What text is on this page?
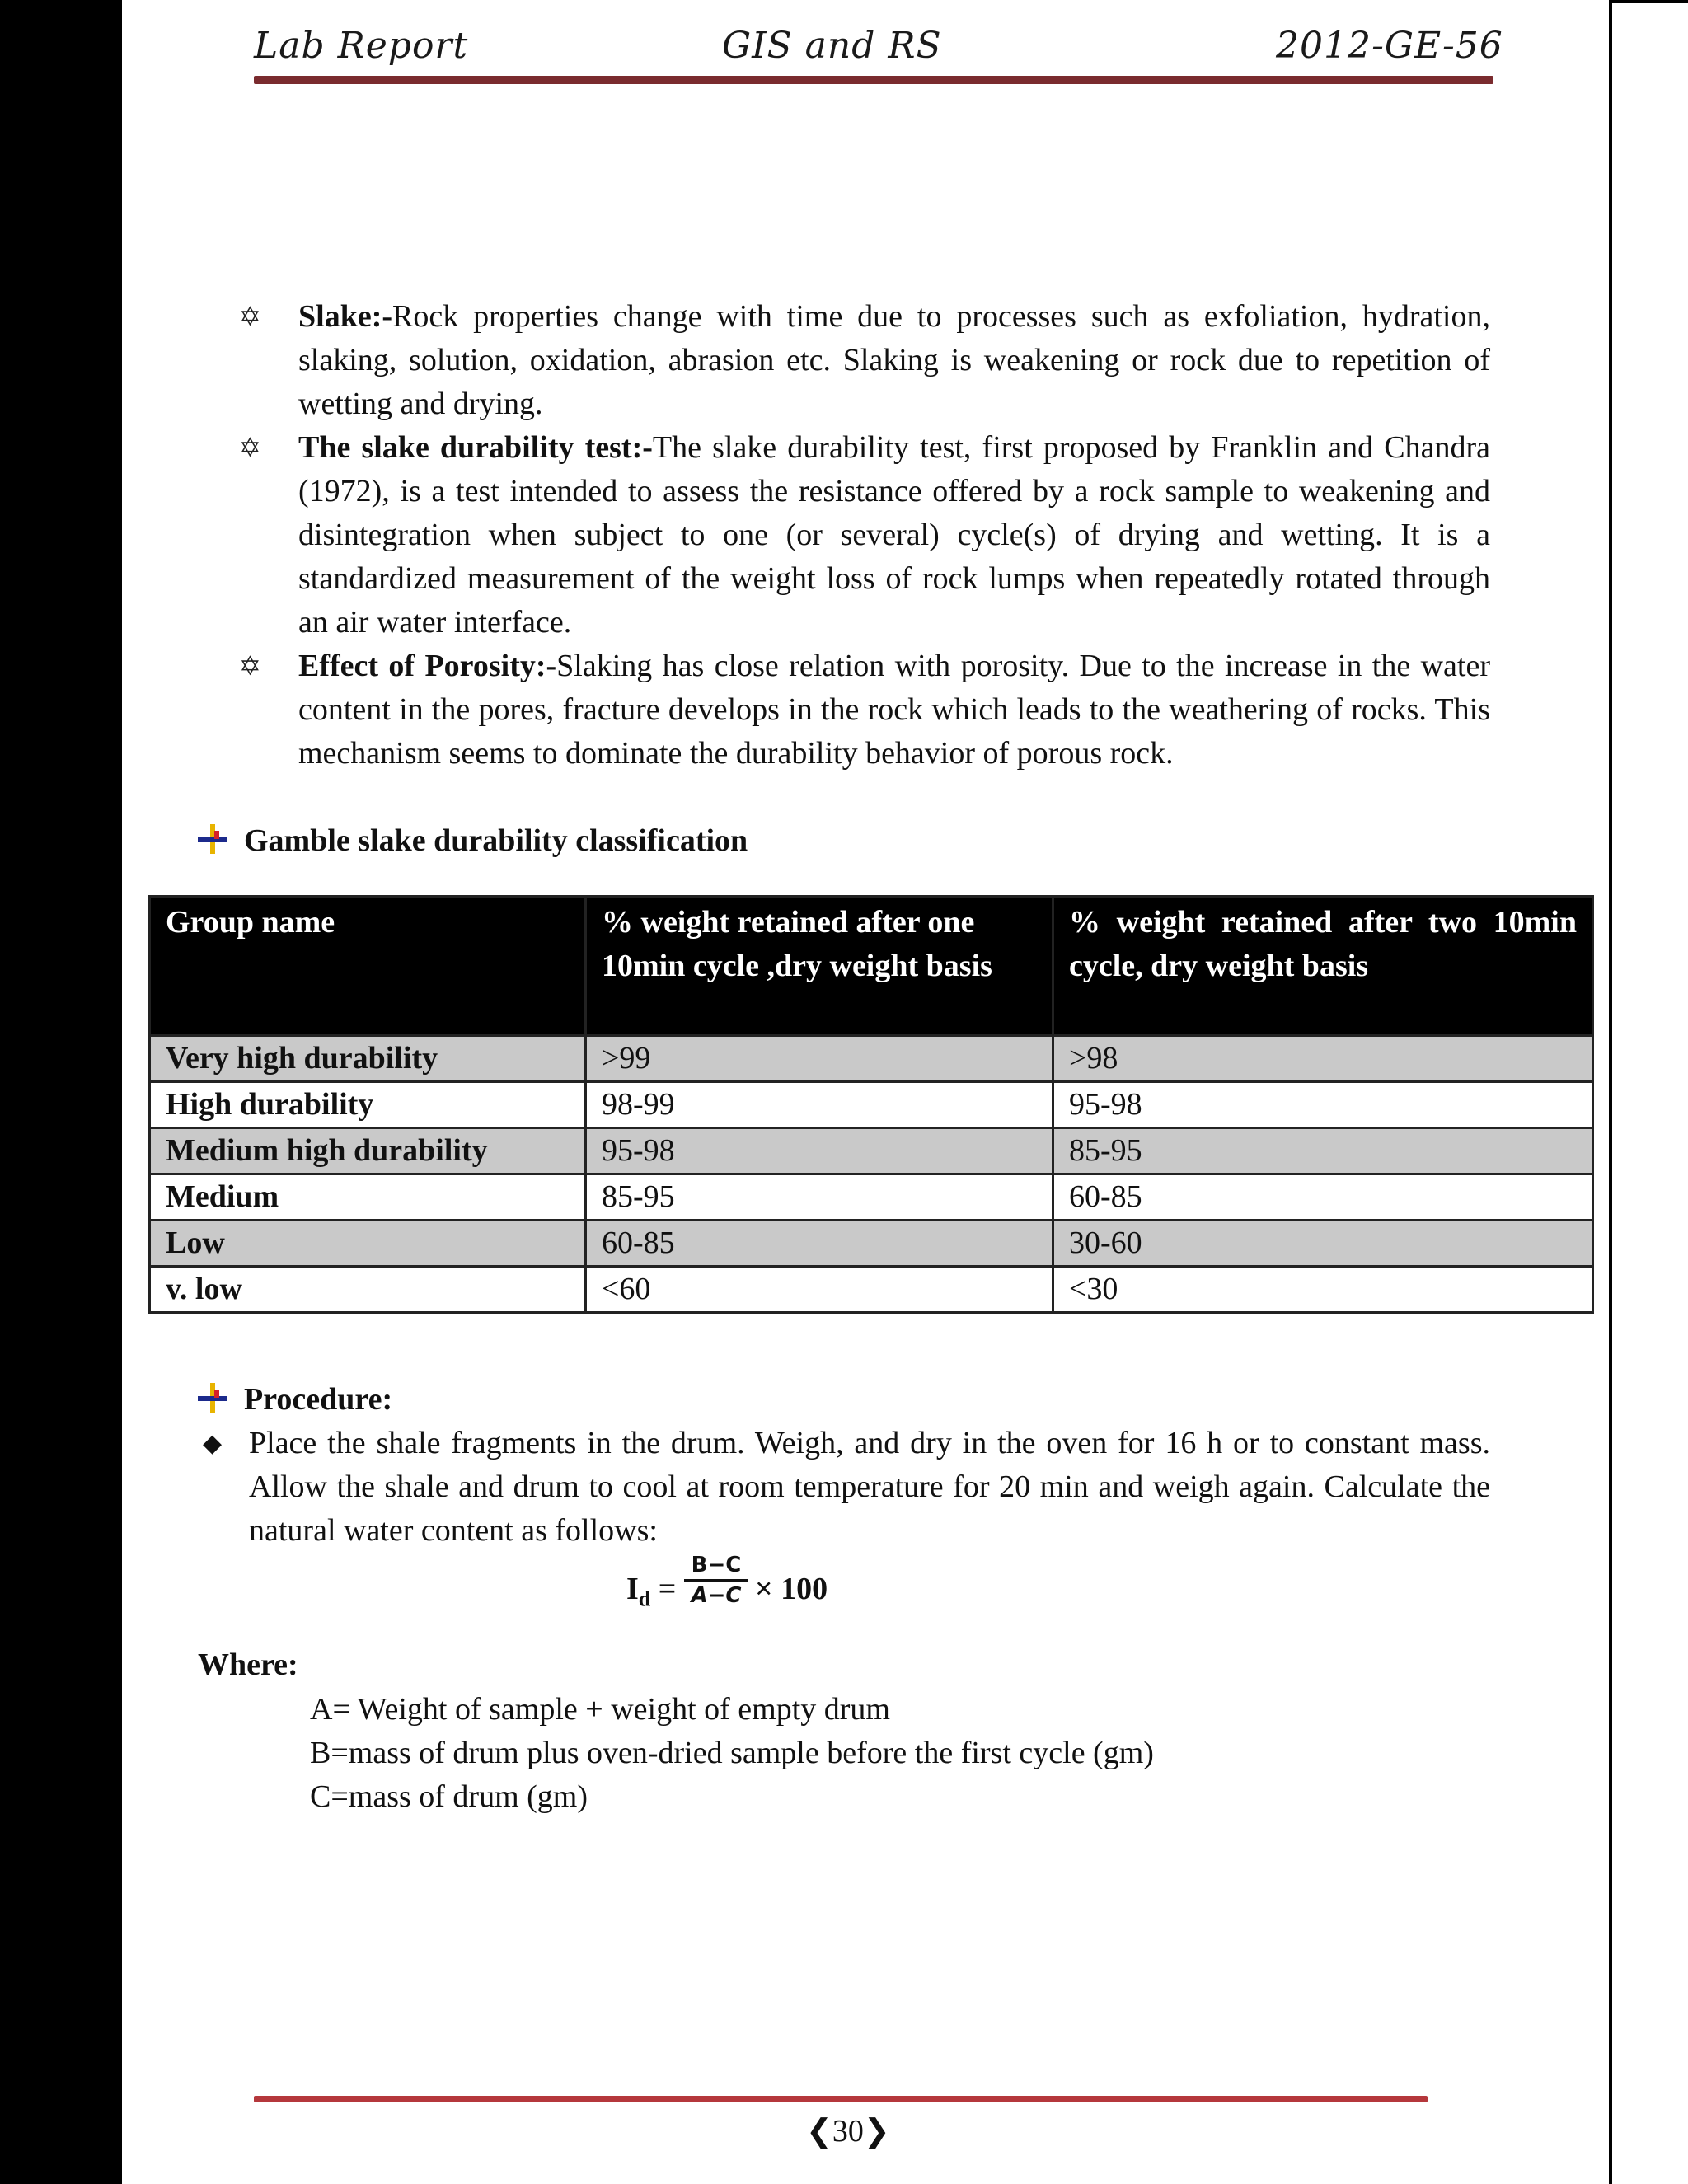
Lab Report	GIS and RS	2012-GE-56
✡ Slake:-Rock properties change with time due to processes such as exfoliation, hydration, slaking, solution, oxidation, abrasion etc. Slaking is weakening or rock due to repetition of wetting and drying.
✡ The slake durability test:-The slake durability test, first proposed by Franklin and Chandra (1972), is a test intended to assess the resistance offered by a rock sample to weakening and disintegration when subject to one (or several) cycle(s) of drying and wetting. It is a standardized measurement of the weight loss of rock lumps when repeatedly rotated through an air water interface.
✡ Effect of Porosity:-Slaking has close relation with porosity. Due to the increase in the water content in the pores, fracture develops in the rock which leads to the weathering of rocks. This mechanism seems to dominate the durability behavior of porous rock.
Gamble slake durability classification
Group name	% weight retained after one 10min cycle ,dry weight basis	% weight retained after two 10min cycle, dry weight basis
Very high durability	>99	>98
High durability	98-99	95-98
Medium high durability	95-98	85-95
Medium	85-95	60-85
Low	60-85	30-60
v. low	<60	<30
Procedure:
◆ Place the shale fragments in the drum. Weigh, and dry in the oven for 16 h or to constant mass. Allow the shale and drum to cool at room temperature for 20 min and weigh again. Calculate the natural water content as follows:
$I_d = \frac{B-C}{A-C} \times 100$
Where:
A= Weight of sample + weight of empty drum
B=mass of drum plus oven-dried sample before the first cycle (gm)
C=mass of drum (gm)
❮30❯
